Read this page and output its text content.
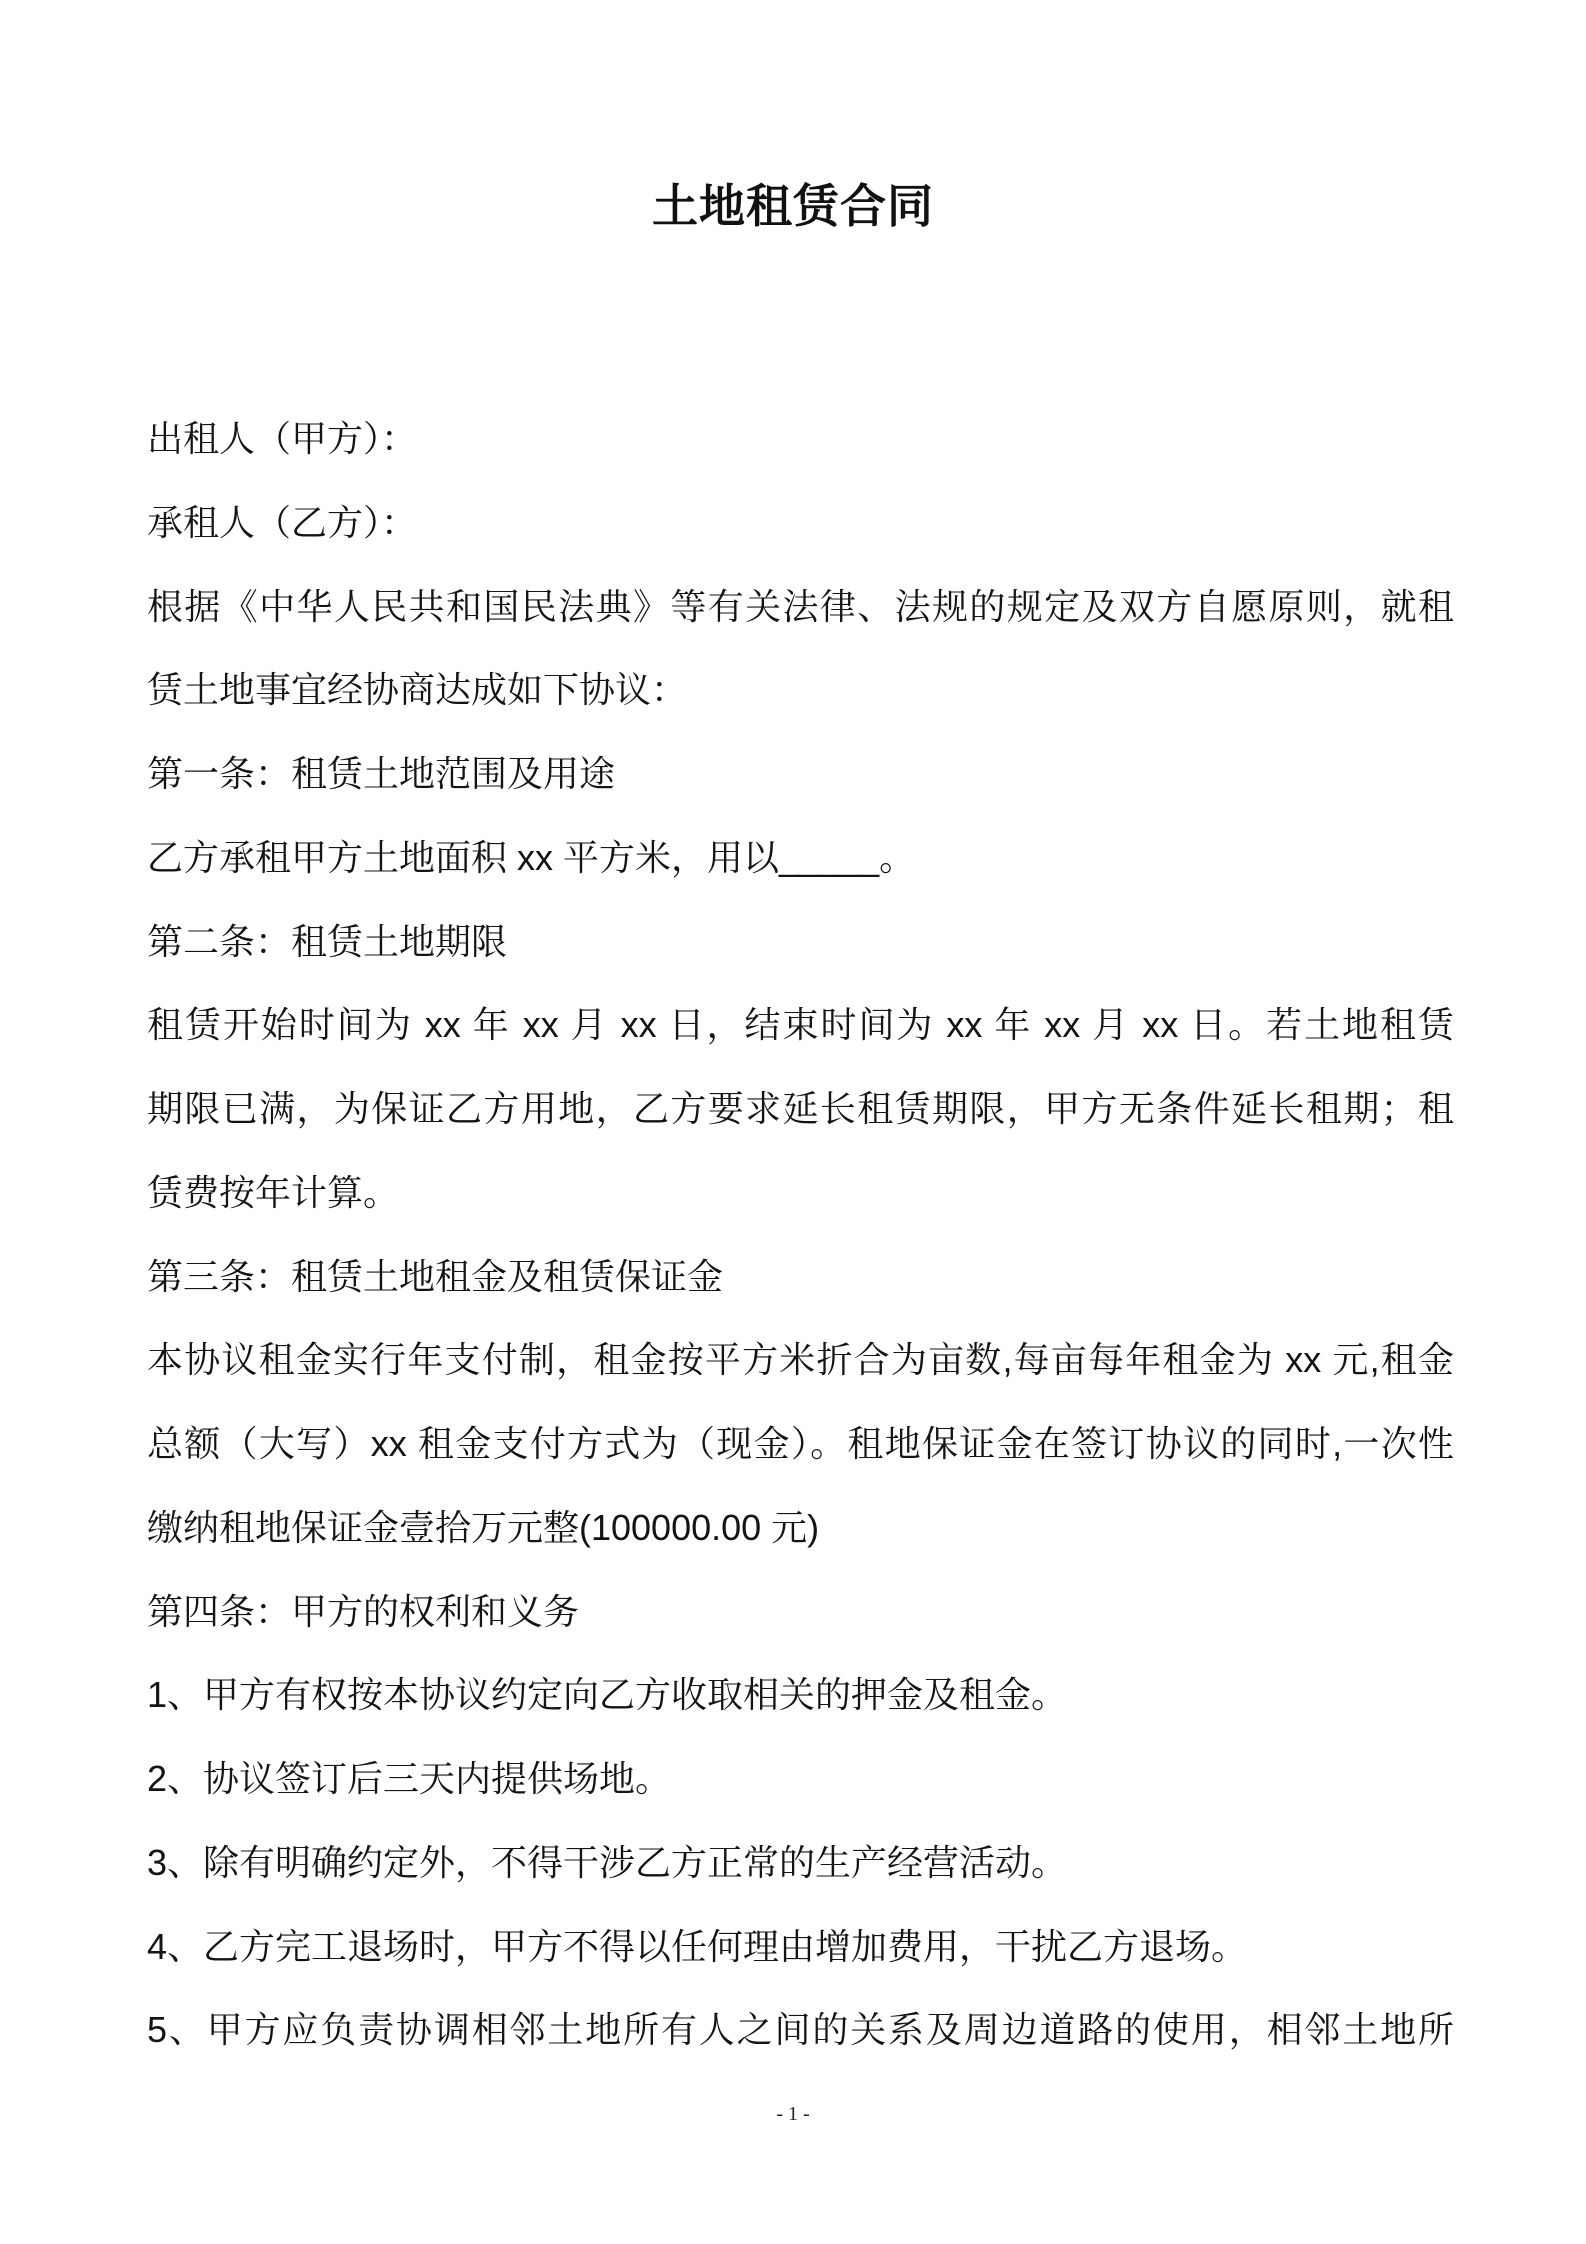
土地租赁合同
出租人（甲方）：
承租人（乙方）：
根据《中华人民共和国民法典》等有关法律、法规的规定及双方自愿原则，就租
赁土地事宜经协商达成如下协议：
第一条：租赁土地范围及用途
乙方承租甲方土地面积 xx 平方米，用以_____。
第二条：租赁土地期限
租赁开始时间为 xx 年 xx 月 xx 日，结束时间为 xx 年 xx 月 xx 日。若土地租赁
期限已满，为保证乙方用地，乙方要求延长租赁期限，甲方无条件延长租期；租
赁费按年计算。
第三条：租赁土地租金及租赁保证金
本协议租金实行年支付制，租金按平方米折合为亩数,每亩每年租金为 xx 元,租金
总额（大写）xx 租金支付方式为（现金）。租地保证金在签订协议的同时,一次性
缴纳租地保证金壹拾万元整(100000.00 元)
第四条：甲方的权利和义务
1、甲方有权按本协议约定向乙方收取相关的押金及租金。
2、协议签订后三天内提供场地。
3、除有明确约定外，不得干涉乙方正常的生产经营活动。
4、乙方完工退场时，甲方不得以任何理由增加费用，干扰乙方退场。
5、甲方应负责协调相邻土地所有人之间的关系及周边道路的使用，相邻土地所
- 1 -
